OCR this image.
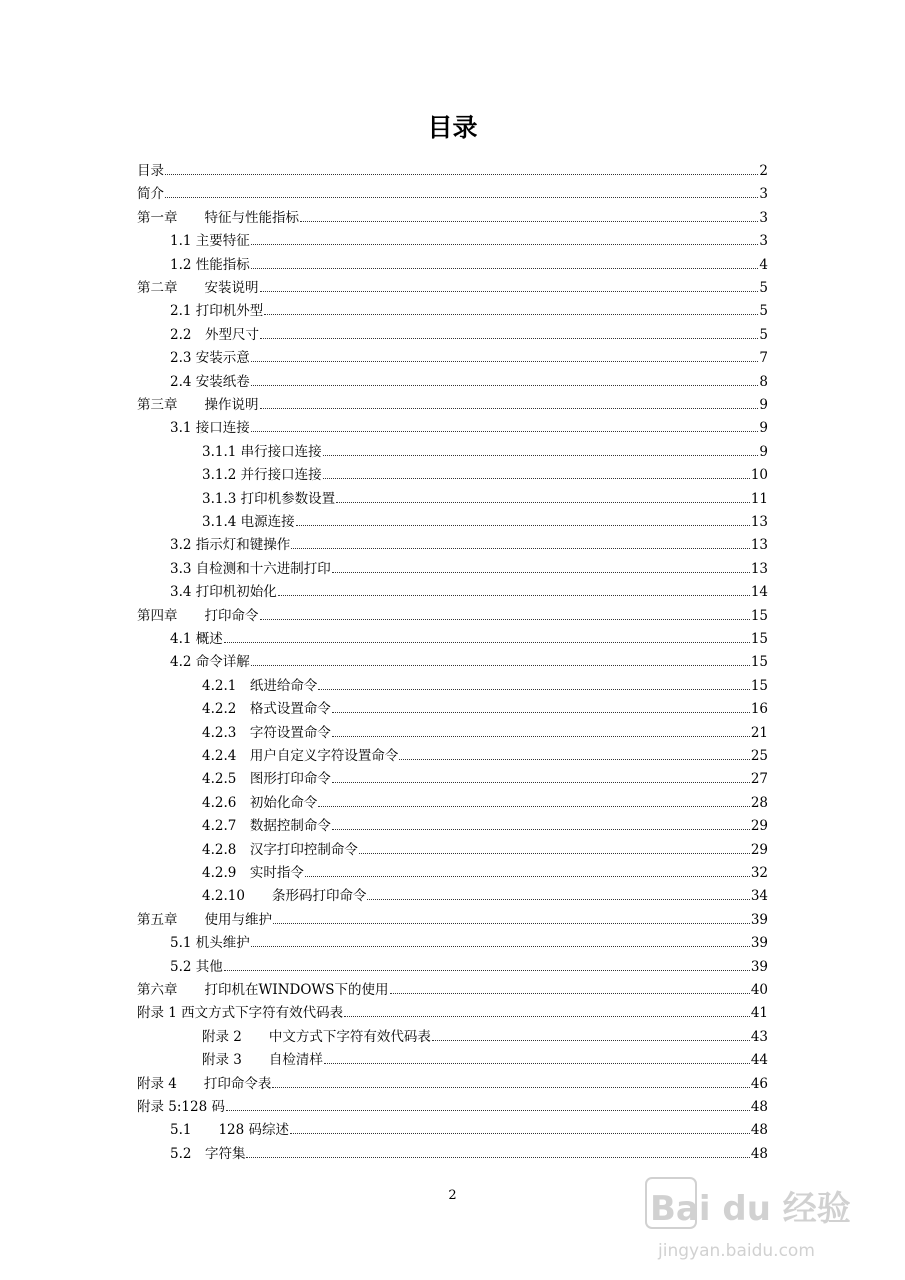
目录
目录	2
简介	3
第一章　　特征与性能指标	3
1.1 主要特征	3
1.2 性能指标	4
第二章　　安装说明	5
2.1 打印机外型	5
2.2　外型尺寸	5
2.3 安装示意	7
2.4 安装纸卷	8
第三章　　操作说明	9
3.1 接口连接	9
3.1.1 串行接口连接	9
3.1.2 并行接口连接	10
3.1.3 打印机参数设置	11
3.1.4 电源连接	13
3.2 指示灯和键操作	13
3.3 自检测和十六进制打印	13
3.4 打印机初始化	14
第四章　　打印命令	15
4.1 概述	15
4.2 命令详解	15
4.2.1　纸进给命令	15
4.2.2　格式设置命令	16
4.2.3　字符设置命令	21
4.2.4　用户自定义字符设置命令	25
4.2.5　图形打印命令	27
4.2.6　初始化命令	28
4.2.7　数据控制命令	29
4.2.8　汉字打印控制命令	29
4.2.9　实时指令	32
4.2.10　　条形码打印命令	34
第五章　　使用与维护	39
5.1 机头维护	39
5.2 其他	39
第六章　　打印机在WINDOWS下的使用	40
附录 1 西文方式下字符有效代码表	41
附录 2　　中文方式下字符有效代码表	43
附录 3　　自检清样	44
附录 4　　打印命令表	46
附录 5:128 码	48
5.1　　128 码综述	48
5.2　字符集	48
2	Bai du 经验
jingyan.baidu.com
